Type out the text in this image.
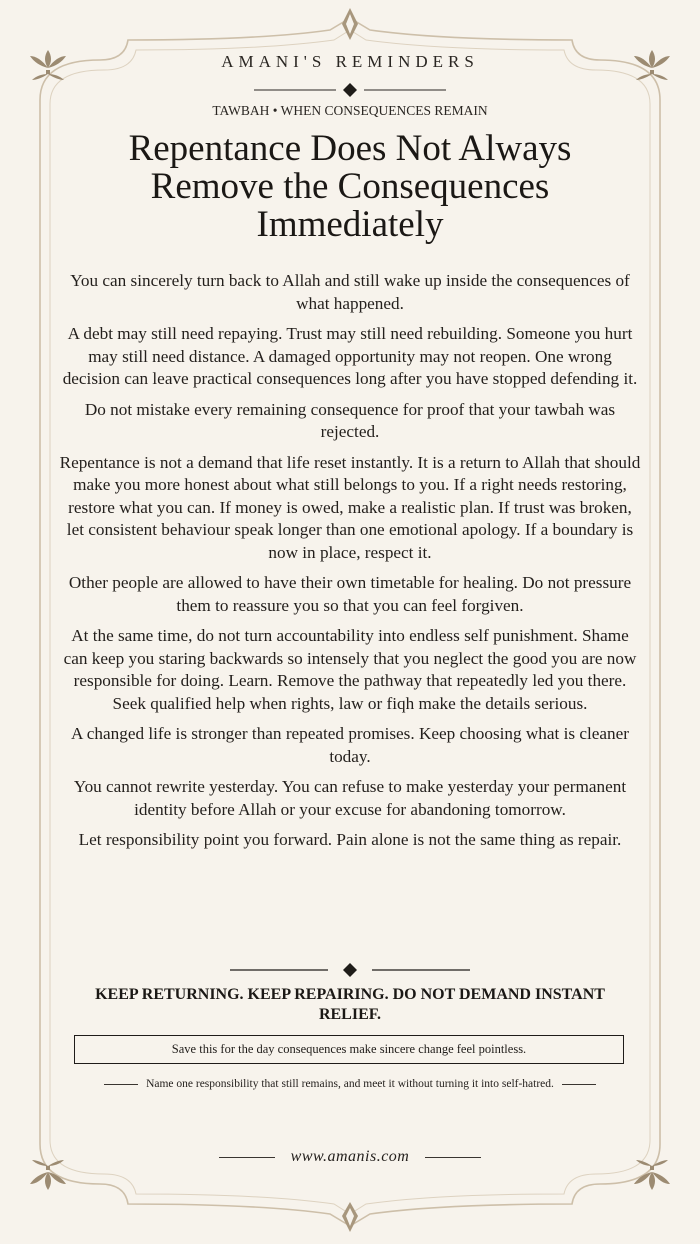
AMANI'S REMINDERS
TAWBAH • WHEN CONSEQUENCES REMAIN
Repentance Does Not Always Remove the Consequences Immediately

You can sincerely turn back to Allah and still wake up inside the consequences of what happened.

A debt may still need repaying. Trust may still need rebuilding. Someone you hurt may still need distance. A damaged opportunity may not reopen. One wrong decision can leave practical consequences long after you have stopped defending it.

Do not mistake every remaining consequence for proof that your tawbah was rejected.

Repentance is not a demand that life reset instantly. It is a return to Allah that should make you more honest about what still belongs to you. If a right needs restoring, restore what you can. If money is owed, make a realistic plan. If trust was broken, let consistent behaviour speak longer than one emotional apology. If a boundary is now in place, respect it.

Other people are allowed to have their own timetable for healing. Do not pressure them to reassure you so that you can feel forgiven.

At the same time, do not turn accountability into endless self punishment. Shame can keep you staring backwards so intensely that you neglect the good you are now responsible for doing. Learn. Remove the pathway that repeatedly led you there. Seek qualified help when rights, law or fiqh make the details serious.

A changed life is stronger than repeated promises. Keep choosing what is cleaner today.

You cannot rewrite yesterday. You can refuse to make yesterday your permanent identity before Allah or your excuse for abandoning tomorrow.

Let responsibility point you forward. Pain alone is not the same thing as repair.

KEEP RETURNING. KEEP REPAIRING. DO NOT DEMAND INSTANT RELIEF.
Save this for the day consequences make sincere change feel pointless.
Name one responsibility that still remains, and meet it without turning it into self-hatred.
www.amanis.com
